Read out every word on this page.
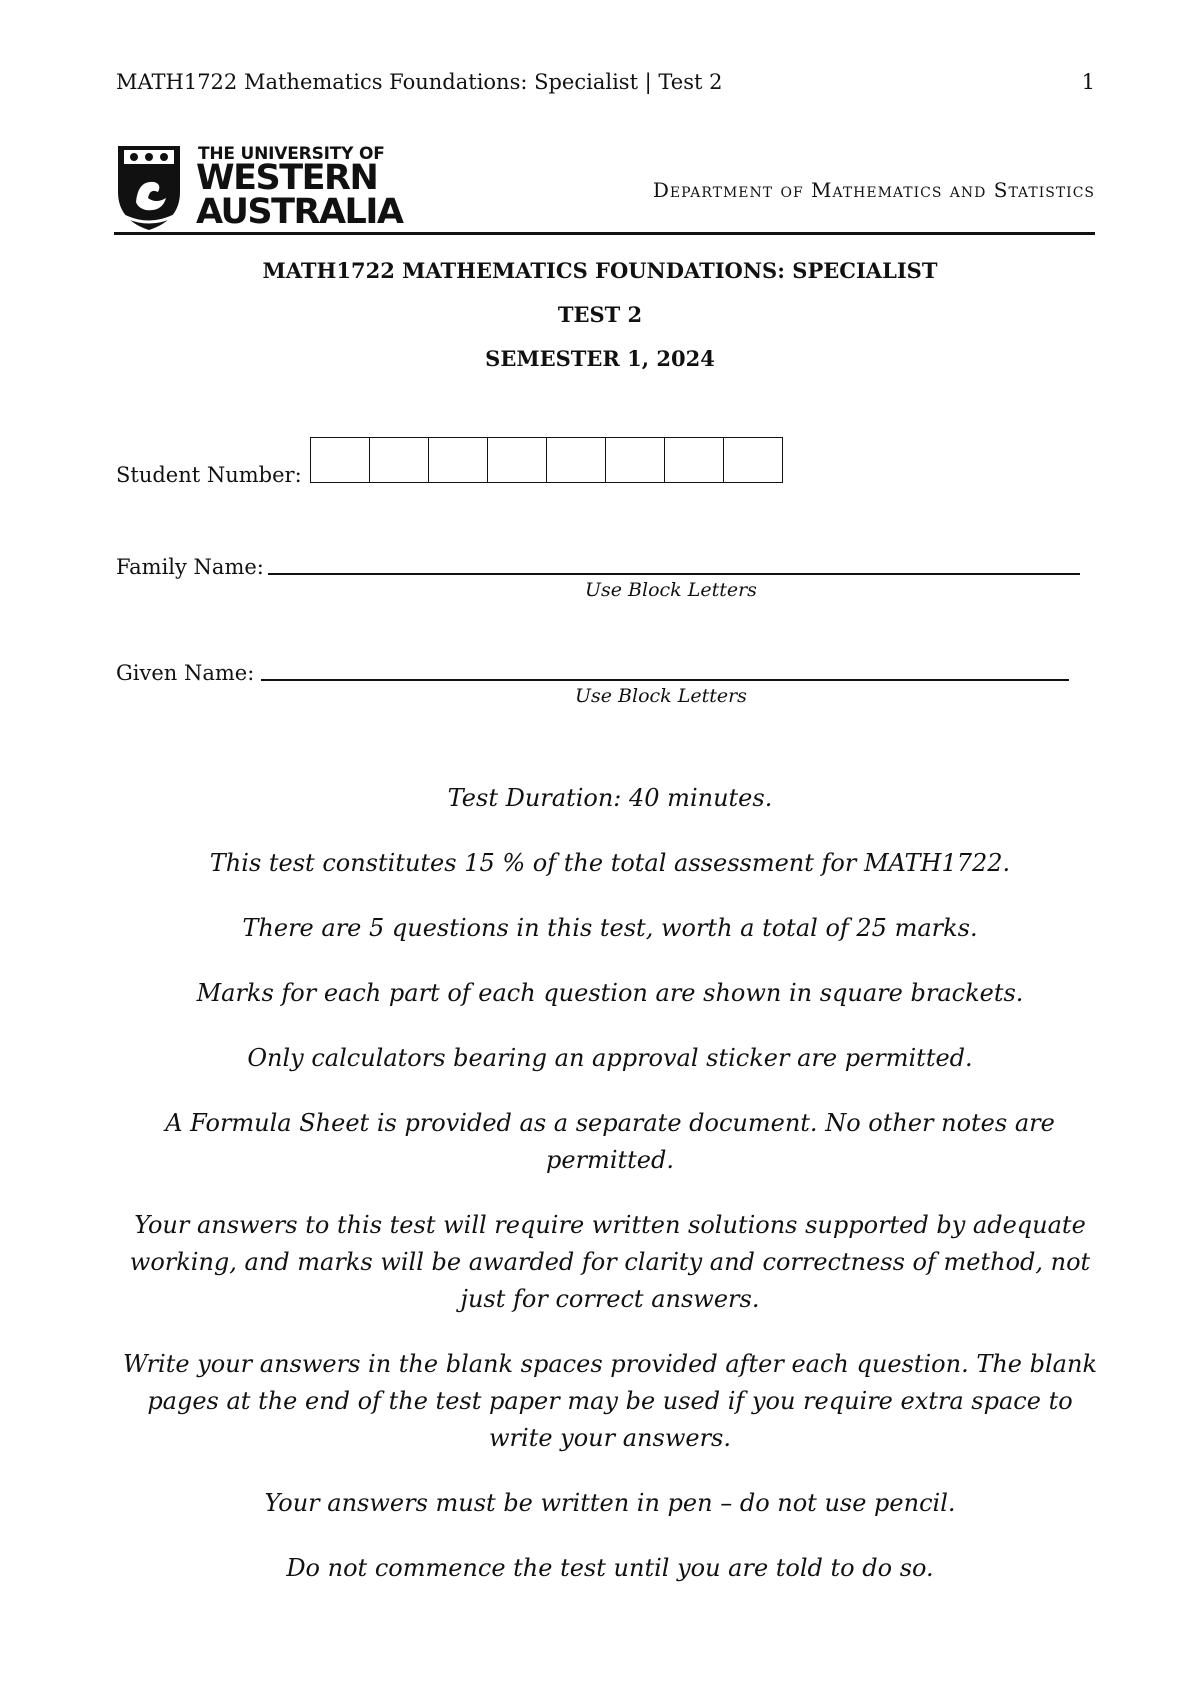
MATH1722 Mathematics Foundations: Specialist | Test 2	1
THE UNIVERSITY OF
WESTERN
AUSTRALIA
Department of Mathematics and Statistics
MATH1722 MATHEMATICS FOUNDATIONS: SPECIALIST
TEST 2
SEMESTER 1, 2024
Student Number:
Family Name:
Use Block Letters
Given Name:
Use Block Letters

Test Duration: 40 minutes.

This test constitutes 15 % of the total assessment for MATH1722.

There are 5 questions in this test, worth a total of 25 marks.

Marks for each part of each question are shown in square brackets.

Only calculators bearing an approval sticker are permitted.

A Formula Sheet is provided as a separate document. No other notes are permitted.

Your answers to this test will require written solutions supported by adequate working, and marks will be awarded for clarity and correctness of method, not just for correct answers.

Write your answers in the blank spaces provided after each question. The blank pages at the end of the test paper may be used if you require extra space to write your answers.

Your answers must be written in pen – do not use pencil.

Do not commence the test until you are told to do so.
